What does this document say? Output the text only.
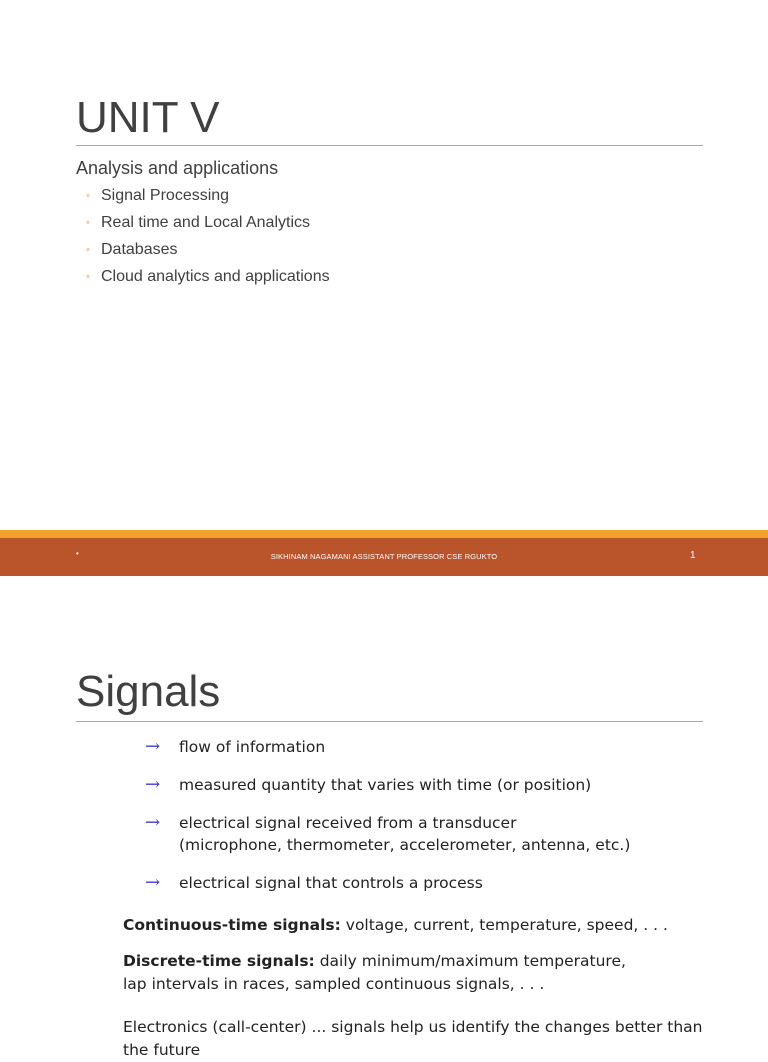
UNIT V
Analysis and applications
◦ Signal Processing
◦ Real time and Local Analytics
◦ Databases
◦ Cloud analytics and applications
•	SIKHINAM NAGAMANI ASSISTANT PROFESSOR CSE RGUKTO	1
Signals
→ flow of information
→ measured quantity that varies with time (or position)
→ electrical signal received from a transducer
(microphone, thermometer, accelerometer, antenna, etc.)
→ electrical signal that controls a process

Continuous-time signals: voltage, current, temperature, speed, . . .

Discrete-time signals: daily minimum/maximum temperature,
lap intervals in races, sampled continuous signals, . . .

Electronics (call-center) ... signals help us identify the changes better than the future
